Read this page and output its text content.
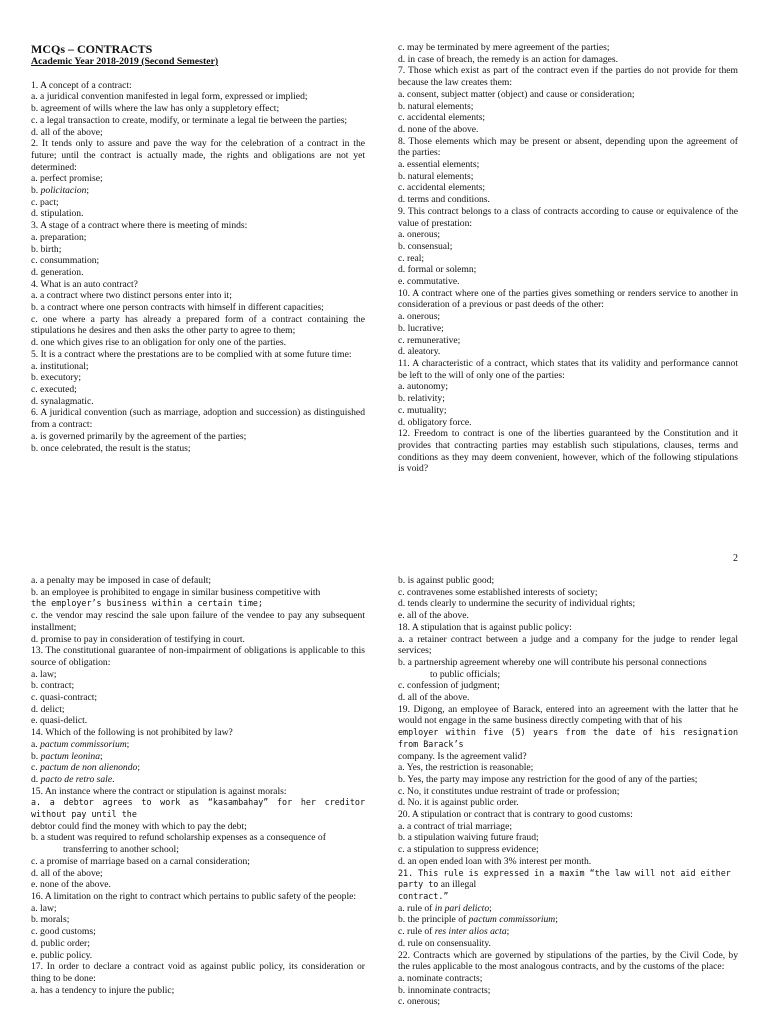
2
MCQs – CONTRACTS
Academic Year 2018-2019 (Second Semester)
1. A concept of a contract:
a. a juridical convention manifested in legal form, expressed or implied;
b. agreement of wills where the law has only a suppletory effect;
c. a legal transaction to create, modify, or terminate a legal tie between the parties;
d. all of the above;
2. It tends only to assure and pave the way for the celebration of a contract in the future; until the contract is actually made, the rights and obligations are not yet determined:
a. perfect promise;
b. policitacion;
c. pact;
d. stipulation.
3. A stage of a contract where there is meeting of minds:
a. preparation;
b. birth;
c. consummation;
d. generation.
4. What is an auto contract?
a. a contract where two distinct persons enter into it;
b. a contract where one person contracts with himself in different capacities;
c. one where a party has already a prepared form of a contract containing the stipulations he desires and then asks the other party to agree to them;
d. one which gives rise to an obligation for only one of the parties.
5. It is a contract where the prestations are to be complied with at some future time:
a. institutional;
b. executory;
c. executed;
d. synalagmatic.
6. A juridical convention (such as marriage, adoption and succession) as distinguished from a contract:
a. is governed primarily by the agreement of the parties;
b. once celebrated, the result is the status;
c. may be terminated by mere agreement of the parties;
d. in case of breach, the remedy is an action for damages.
7. Those which exist as part of the contract even if the parties do not provide for them because the law creates them:
a. consent, subject matter (object) and cause or consideration;
b. natural elements;
c. accidental elements;
d. none of the above.
8. Those elements which may be present or absent, depending upon the agreement of the parties:
a. essential elements;
b. natural elements;
c. accidental elements;
d. terms and conditions.
9. This contract belongs to a class of contracts according to cause or equivalence of the value of prestation:
a. onerous;
b. consensual;
c. real;
d. formal or solemn;
e. commutative.
10. A contract where one of the parties gives something or renders service to another in consideration of a previous or past deeds of the other:
a. onerous;
b. lucrative;
c. remunerative;
d. aleatory.
11. A characteristic of a contract, which states that its validity and performance cannot be left to the will of only one of the parties:
a. autonomy;
b. relativity;
c. mutuality;
d. obligatory force.
12. Freedom to contract is one of the liberties guaranteed by the Constitution and it provides that contracting parties may establish such stipulations, clauses, terms and conditions as they may deem convenient, however, which of the following stipulations is void?
a. a penalty may be imposed in case of default;
b. an employee is prohibited to engage in similar business competitive with
the employer’s business within a certain time;
c. the vendor may rescind the sale upon failure of the vendee to pay any subsequent installment;
d. promise to pay in consideration of testifying in court.
13. The constitutional guarantee of non-impairment of obligations is applicable to this source of obligation:
a. law;
b. contract;
c. quasi-contract;
d. delict;
e. quasi-delict.
14. Which of the following is not prohibited by law?
a. pactum commissorium;
b. pactum leonina;
c. pactum de non alienondo;
d. pacto de retro sale.
15. An instance where the contract or stipulation is against morals:
a. a debtor agrees to work as “kasambahay” for her creditor without pay until the
debtor could find the money with which to pay the debt;
b. a student was required to refund scholarship expenses as a consequence of
transferring to another school;
c. a promise of marriage based on a carnal consideration;
d. all of the above;
e. none of the above.
16. A limitation on the right to contract which pertains to public safety of the people:
a. law;
b. morals;
c. good customs;
d. public order;
e. public policy.
17. In order to declare a contract void as against public policy, its consideration or thing to be done:
a. has a tendency to injure the public;
b. is against public good;
c. contravenes some established interests of society;
d. tends clearly to undermine the security of individual rights;
e. all of the above.
18. A stipulation that is against public policy:
a. a retainer contract between a judge and a company for the judge to render legal services;
b. a partnership agreement whereby one will contribute his personal connections
to public officials;
c. confession of judgment;
d. all of the above.
19. Digong, an employee of Barack, entered into an agreement with the latter that he would not engage in the same business directly competing with that of his
employer within five (5) years from the date of his resignation from Barack’s
company. Is the agreement valid?
a. Yes, the restriction is reasonable;
b. Yes, the party may impose any restriction for the good of any of the parties;
c. No, it constitutes undue restraint of trade or profession;
d. No. it is against public order.
20. A stipulation or contract that is contrary to good customs:
a. a contract of trial marriage;
b. a stipulation waiving future fraud;
c. a stipulation to suppress evidence;
d. an open ended loan with 3% interest per month.
21. This rule is expressed in a maxim “the law will not aid either party to an illegal
contract.”
a. rule of in pari delicto;
b. the principle of pactum commissorium;
c. rule of res inter alios acta;
d. rule on consensuality.
22. Contracts which are governed by stipulations of the parties, by the Civil Code, by the rules applicable to the most analogous contracts, and by the customs of the place:
a. nominate contracts;
b. innominate contracts;
c. onerous;
